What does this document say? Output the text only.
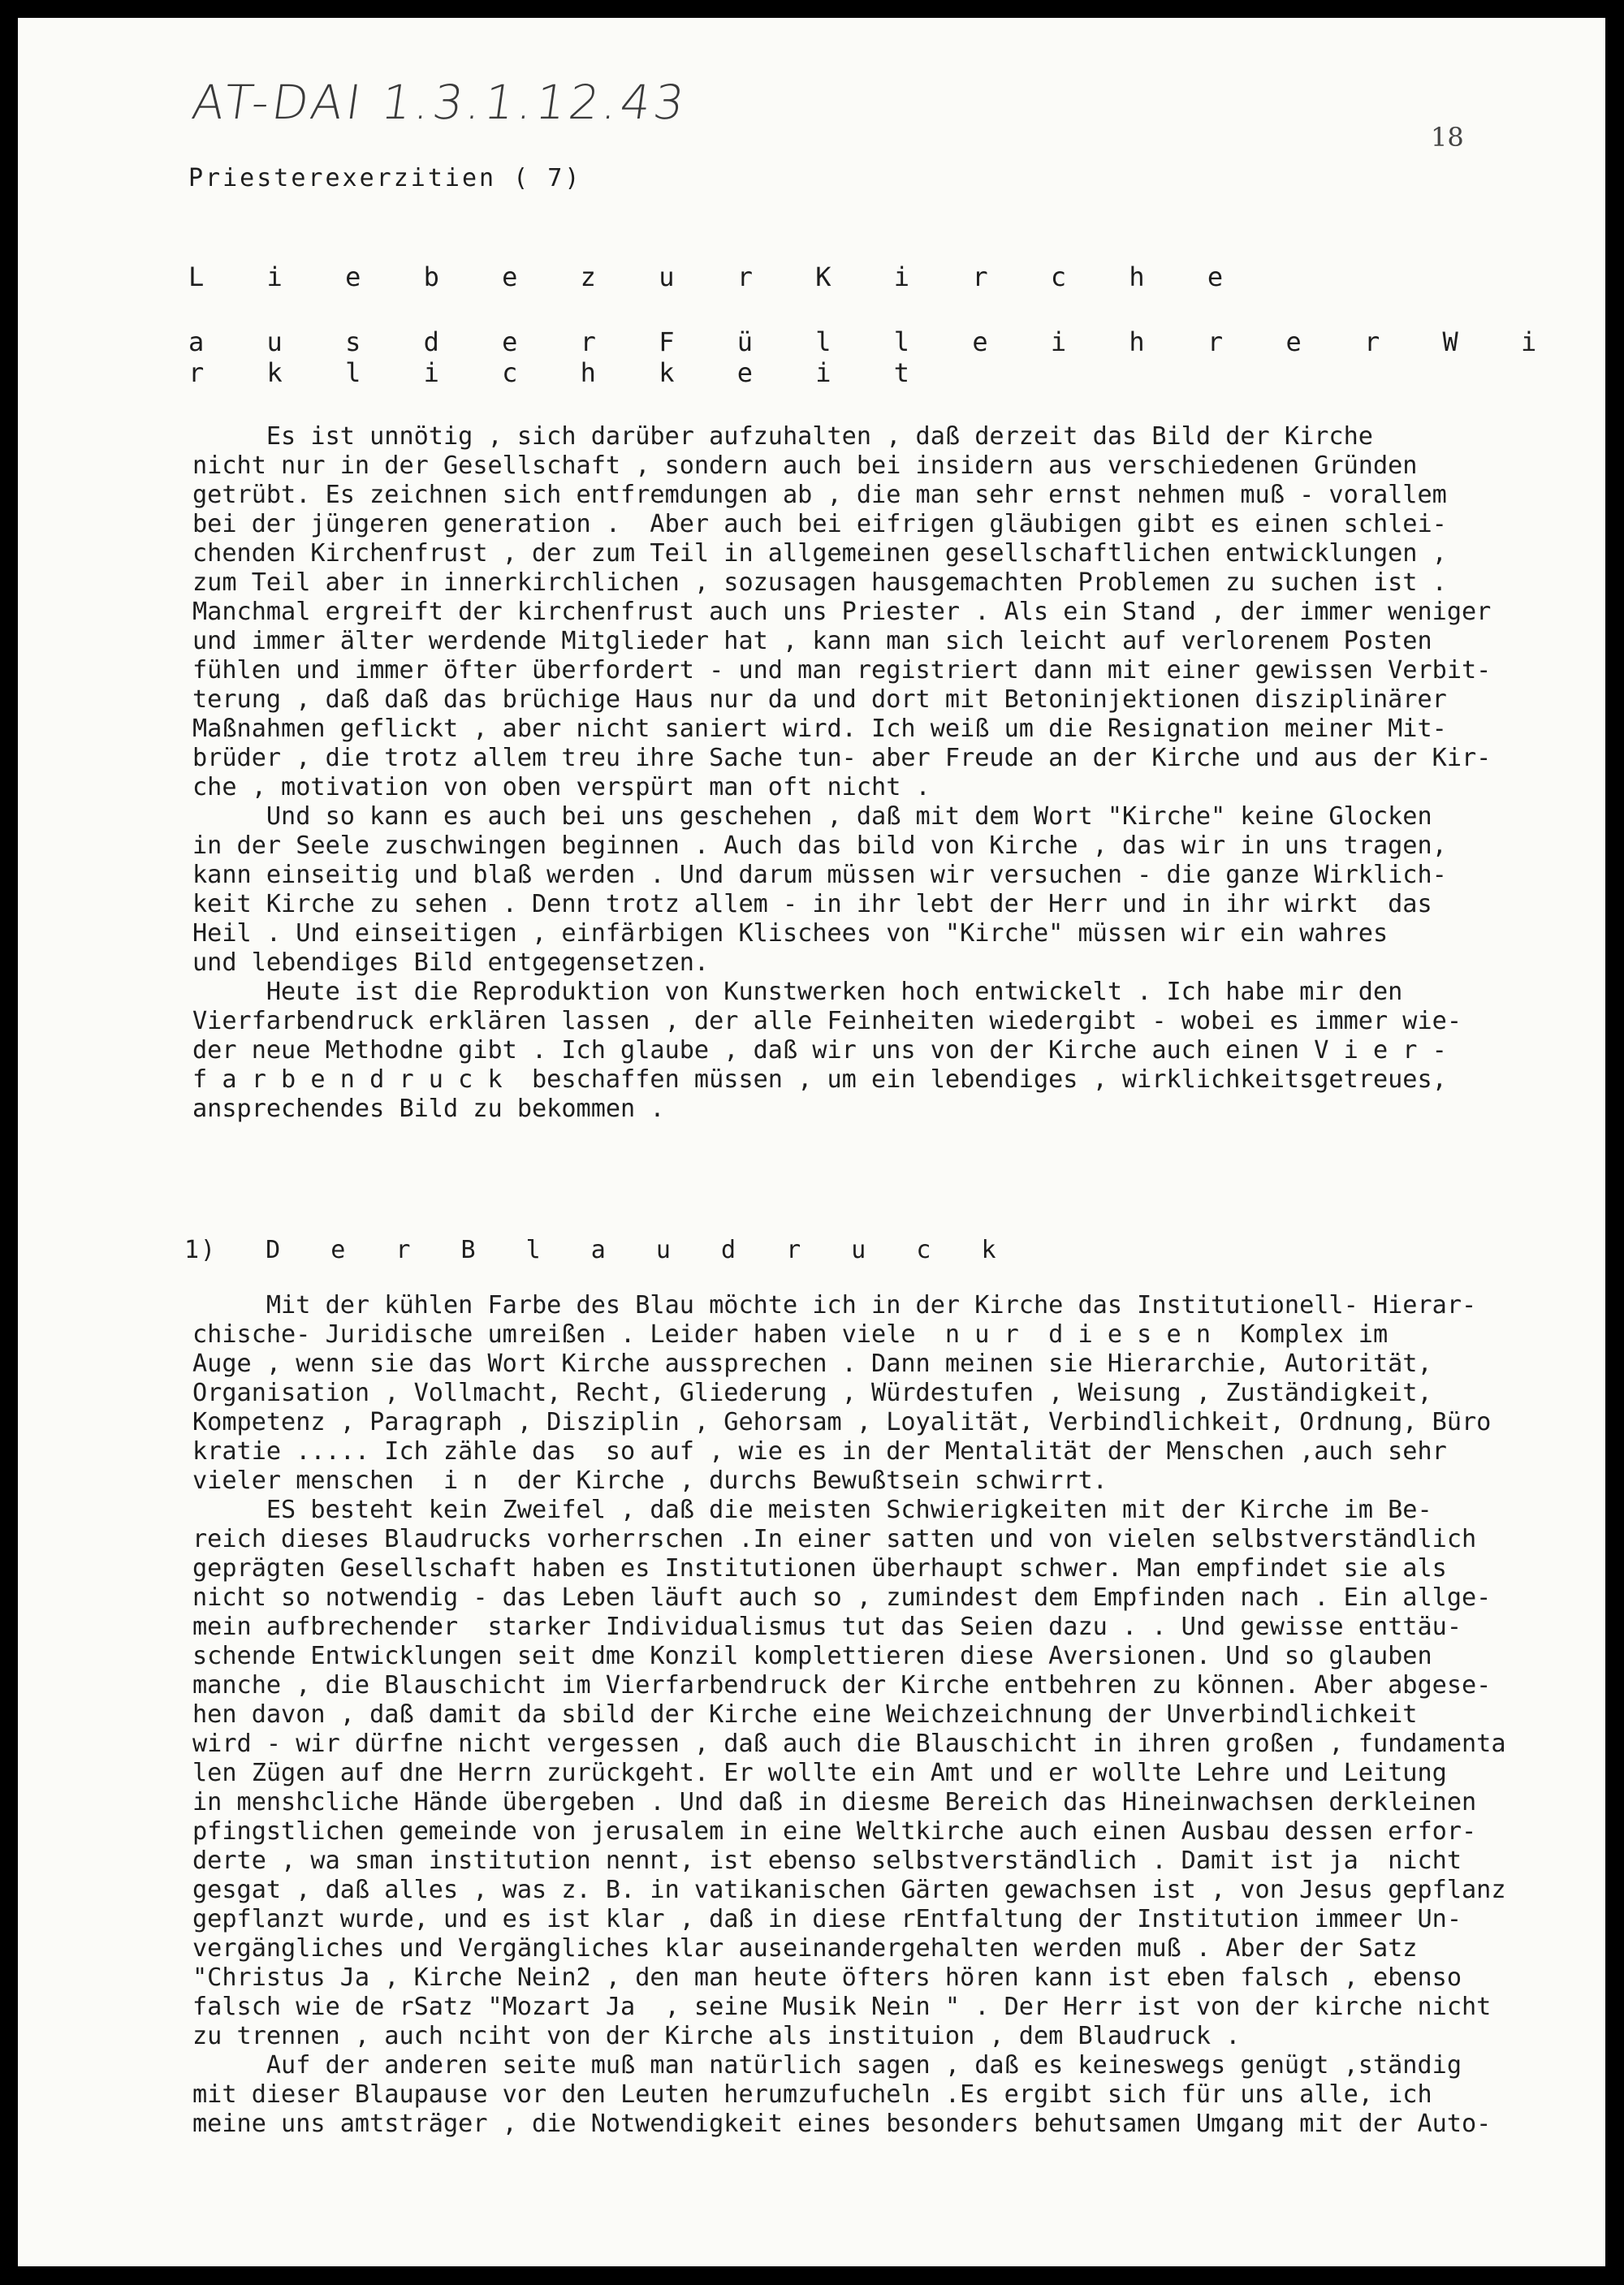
AT-DAI 1.3.1.12.43
18
Priesterexerzitien ( 7)
L i e b e z u r K i r c h e
a u s d e r F ü l l e i h r e r W i r k l i c h k e i t
Es ist unnötig , sich darüber aufzuhalten , daß derzeit das Bild der Kirche
nicht nur in der Gesellschaft , sondern auch bei insidern aus verschiedenen Gründen
getrübt. Es zeichnen sich entfremdungen ab , die man sehr ernst nehmen muß - vorallem
bei der jüngeren generation .  Aber auch bei eifrigen gläubigen gibt es einen schlei-
chenden Kirchenfrust , der zum Teil in allgemeinen gesellschaftlichen entwicklungen ,
zum Teil aber in innerkirchlichen , sozusagen hausgemachten Problemen zu suchen ist .
Manchmal ergreift der kirchenfrust auch uns Priester . Als ein Stand , der immer weniger
und immer älter werdende Mitglieder hat , kann man sich leicht auf verlorenem Posten
fühlen und immer öfter überfordert - und man registriert dann mit einer gewissen Verbit-
terung , daß daß das brüchige Haus nur da und dort mit Betoninjektionen disziplinärer
Maßnahmen geflickt , aber nicht saniert wird. Ich weiß um die Resignation meiner Mit-
brüder , die trotz allem treu ihre Sache tun- aber Freude an der Kirche und aus der Kir-
che , motivation von oben verspürt man oft nicht .
Und so kann es auch bei uns geschehen , daß mit dem Wort "Kirche" keine Glocken
in der Seele zuschwingen beginnen . Auch das bild von Kirche , das wir in uns tragen,
kann einseitig und blaß werden . Und darum müssen wir versuchen - die ganze Wirklich-
keit Kirche zu sehen . Denn trotz allem - in ihr lebt der Herr und in ihr wirkt  das
Heil . Und einseitigen , einfärbigen Klischees von "Kirche" müssen wir ein wahres
und lebendiges Bild entgegensetzen.
Heute ist die Reproduktion von Kunstwerken hoch entwickelt . Ich habe mir den
Vierfarbendruck erklären lassen , der alle Feinheiten wiedergibt - wobei es immer wie-
der neue Methodne gibt . Ich glaube , daß wir uns von der Kirche auch einen V i e r -
f a r b e n d r u c k  beschaffen müssen , um ein lebendiges , wirklichkeitsgetreues,
ansprechendes Bild zu bekommen .
1) D e r B l a u d r u c k
Mit der kühlen Farbe des Blau möchte ich in der Kirche das Institutionell- Hierar-
chische- Juridische umreißen . Leider haben viele  n u r  d i e s e n  Komplex im
Auge , wenn sie das Wort Kirche aussprechen . Dann meinen sie Hierarchie, Autorität,
Organisation , Vollmacht, Recht, Gliederung , Würdestufen , Weisung , Zuständigkeit,
Kompetenz , Paragraph , Disziplin , Gehorsam , Loyalität, Verbindlichkeit, Ordnung, Büro
kratie ..... Ich zähle das  so auf , wie es in der Mentalität der Menschen ,auch sehr
vieler menschen  i n  der Kirche , durchs Bewußtsein schwirrt.
ES besteht kein Zweifel , daß die meisten Schwierigkeiten mit der Kirche im Be-
reich dieses Blaudrucks vorherrschen .In einer satten und von vielen selbstverständlich
geprägten Gesellschaft haben es Institutionen überhaupt schwer. Man empfindet sie als
nicht so notwendig - das Leben läuft auch so , zumindest dem Empfinden nach . Ein allge-
mein aufbrechender  starker Individualismus tut das Seien dazu . . Und gewisse enttäu-
schende Entwicklungen seit dme Konzil komplettieren diese Aversionen. Und so glauben
manche , die Blauschicht im Vierfarbendruck der Kirche entbehren zu können. Aber abgese-
hen davon , daß damit da sbild der Kirche eine Weichzeichnung der Unverbindlichkeit
wird - wir dürfne nicht vergessen , daß auch die Blauschicht in ihren großen , fundamenta
len Zügen auf dne Herrn zurückgeht. Er wollte ein Amt und er wollte Lehre und Leitung
in menshcliche Hände übergeben . Und daß in diesme Bereich das Hineinwachsen derkleinen
pfingstlichen gemeinde von jerusalem in eine Weltkirche auch einen Ausbau dessen erfor-
derte , wa sman institution nennt, ist ebenso selbstverständlich . Damit ist ja  nicht
gesgat , daß alles , was z. B. in vatikanischen Gärten gewachsen ist , von Jesus gepflanz
gepflanzt wurde, und es ist klar , daß in diese rEntfaltung der Institution immeer Un-
vergängliches und Vergängliches klar auseinandergehalten werden muß . Aber der Satz
"Christus Ja , Kirche Nein2 , den man heute öfters hören kann ist eben falsch , ebenso
falsch wie de rSatz "Mozart Ja  , seine Musik Nein " . Der Herr ist von der kirche nicht
zu trennen , auch nciht von der Kirche als instituion , dem Blaudruck .
Auf der anderen seite muß man natürlich sagen , daß es keineswegs genügt ,ständig
mit dieser Blaupause vor den Leuten herumzufucheln .Es ergibt sich für uns alle, ich
meine uns amtsträger , die Notwendigkeit eines besonders behutsamen Umgang mit der Auto-
